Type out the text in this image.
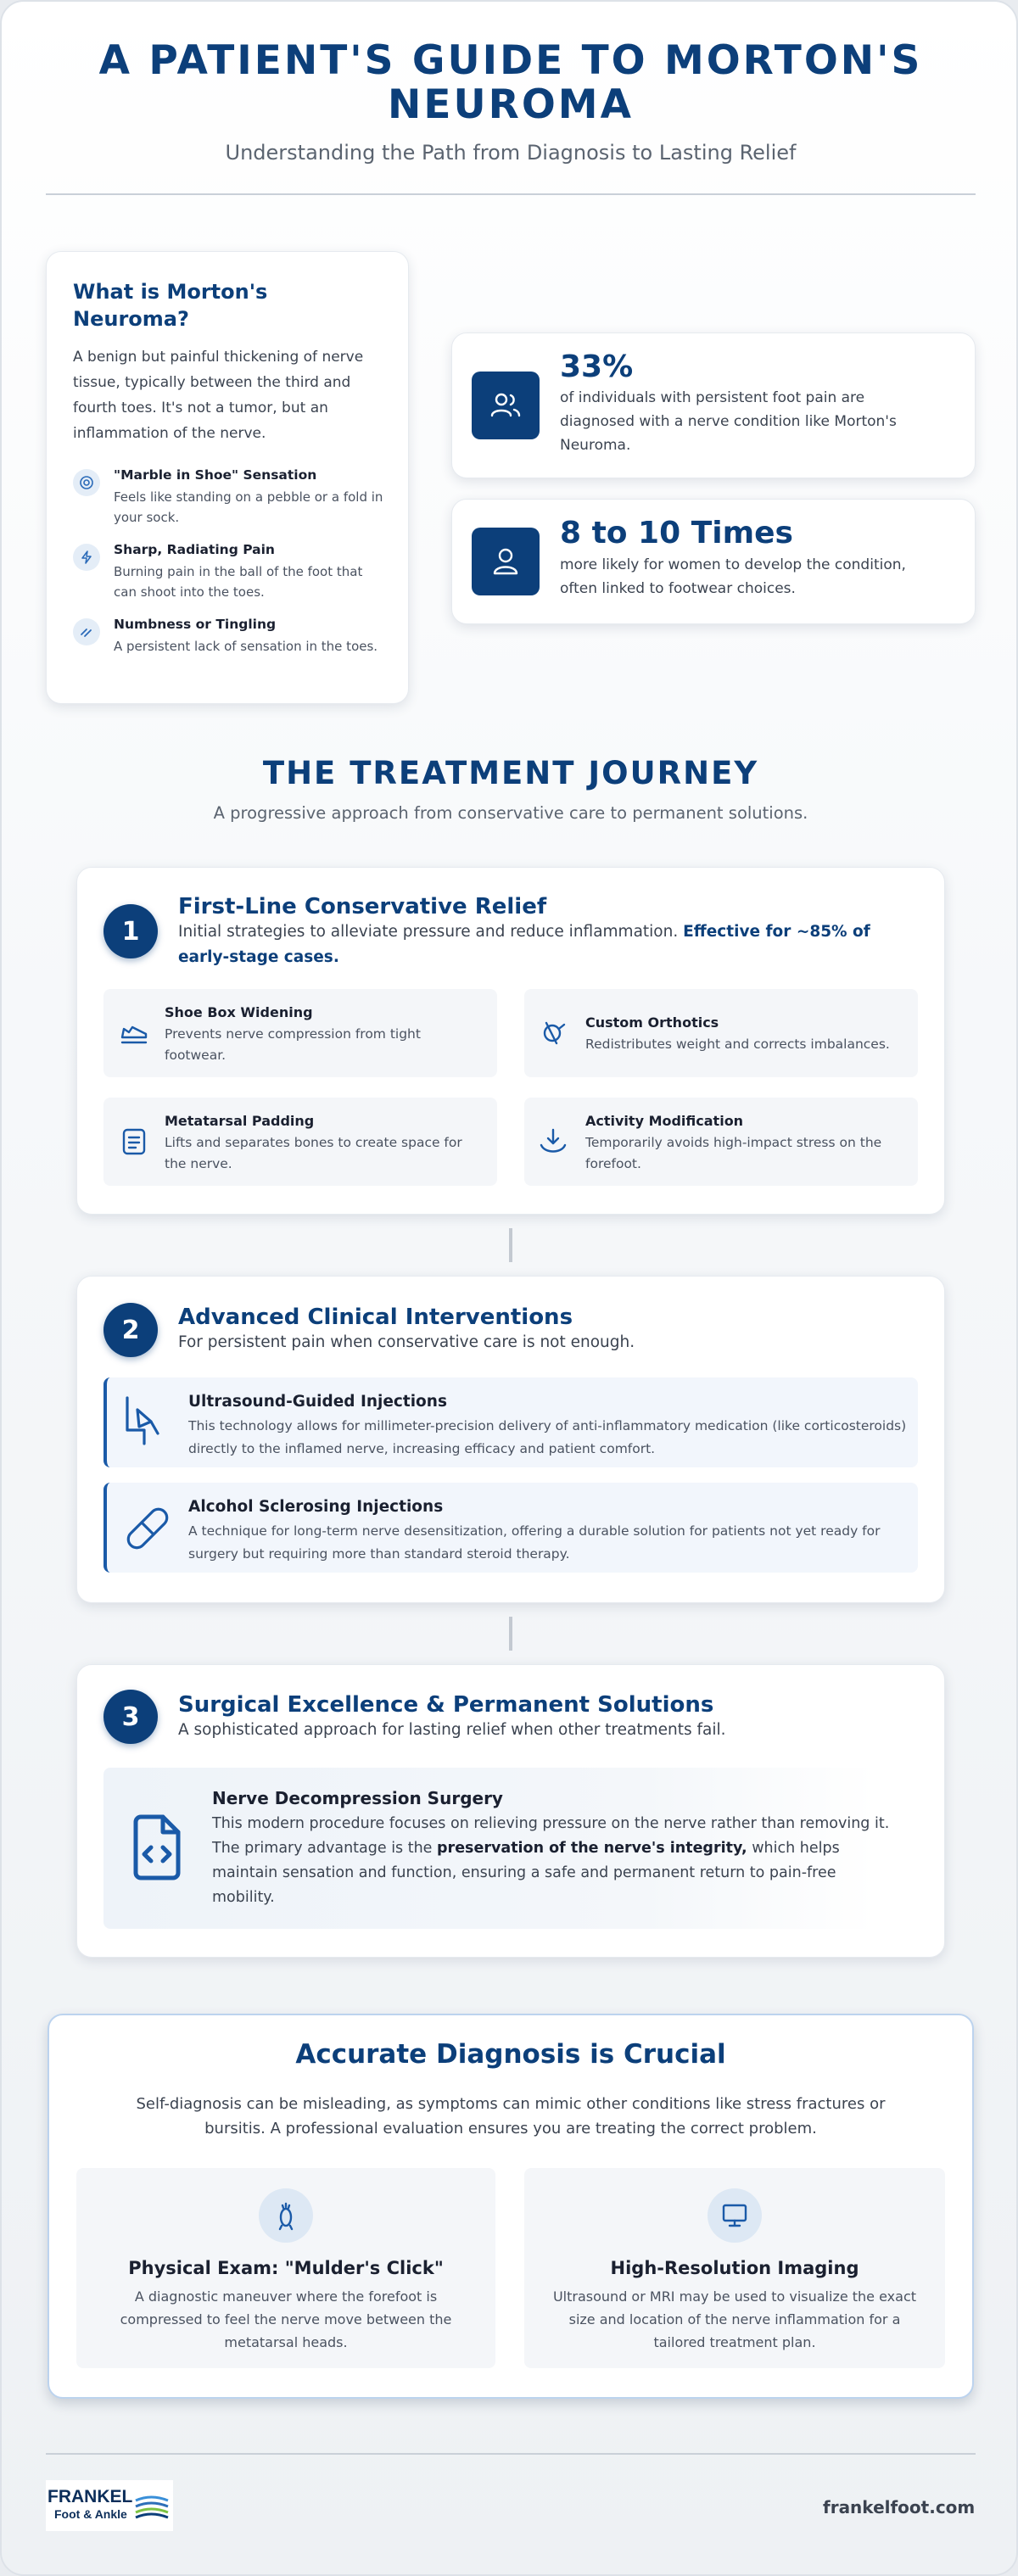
A PATIENT'S GUIDE TO MORTON'S NEUROMA
Understanding the Path from Diagnosis to Lasting Relief
What is Morton's Neuroma?
A benign but painful thickening of nerve tissue, typically between the third and fourth toes. It's not a tumor, but an inflammation of the nerve.
"Marble in Shoe" Sensation
Feels like standing on a pebble or a fold in your sock.
Sharp, Radiating Pain
Burning pain in the ball of the foot that can shoot into the toes.
Numbness or Tingling
A persistent lack of sensation in the toes.
33%
of individuals with persistent foot pain are diagnosed with a nerve condition like Morton's Neuroma.
8 to 10 Times
more likely for women to develop the condition, often linked to footwear choices.
THE TREATMENT JOURNEY
A progressive approach from conservative care to permanent solutions.
1
First-Line Conservative Relief
Initial strategies to alleviate pressure and reduce inflammation. Effective for ~85% of early-stage cases.
Shoe Box Widening
Prevents nerve compression from tight footwear.
Custom Orthotics
Redistributes weight and corrects imbalances.
Metatarsal Padding
Lifts and separates bones to create space for the nerve.
Activity Modification
Temporarily avoids high-impact stress on the forefoot.
2	Advanced Clinical Interventions
For persistent pain when conservative care is not enough.
Ultrasound-Guided Injections
This technology allows for millimeter-precision delivery of anti-inflammatory medication (like corticosteroids) directly to the inflamed nerve, increasing efficacy and patient comfort.
Alcohol Sclerosing Injections
A technique for long-term nerve desensitization, offering a durable solution for patients not yet ready for surgery but requiring more than standard steroid therapy.
3	Surgical Excellence & Permanent Solutions
A sophisticated approach for lasting relief when other treatments fail.
Nerve Decompression Surgery
This modern procedure focuses on relieving pressure on the nerve rather than removing it. The primary advantage is the preservation of the nerve's integrity, which helps maintain sensation and function, ensuring a safe and permanent return to pain-free mobility.
Accurate Diagnosis is Crucial
Self-diagnosis can be misleading, as symptoms can mimic other conditions like stress fractures or bursitis. A professional evaluation ensures you are treating the correct problem.
Physical Exam: "Mulder's Click"
A diagnostic maneuver where the forefoot is compressed to feel the nerve move between the metatarsal heads.
High-Resolution Imaging
Ultrasound or MRI may be used to visualize the exact size and location of the nerve inflammation for a tailored treatment plan.
FRANKEL
Foot & Ankle	frankelfoot.com
